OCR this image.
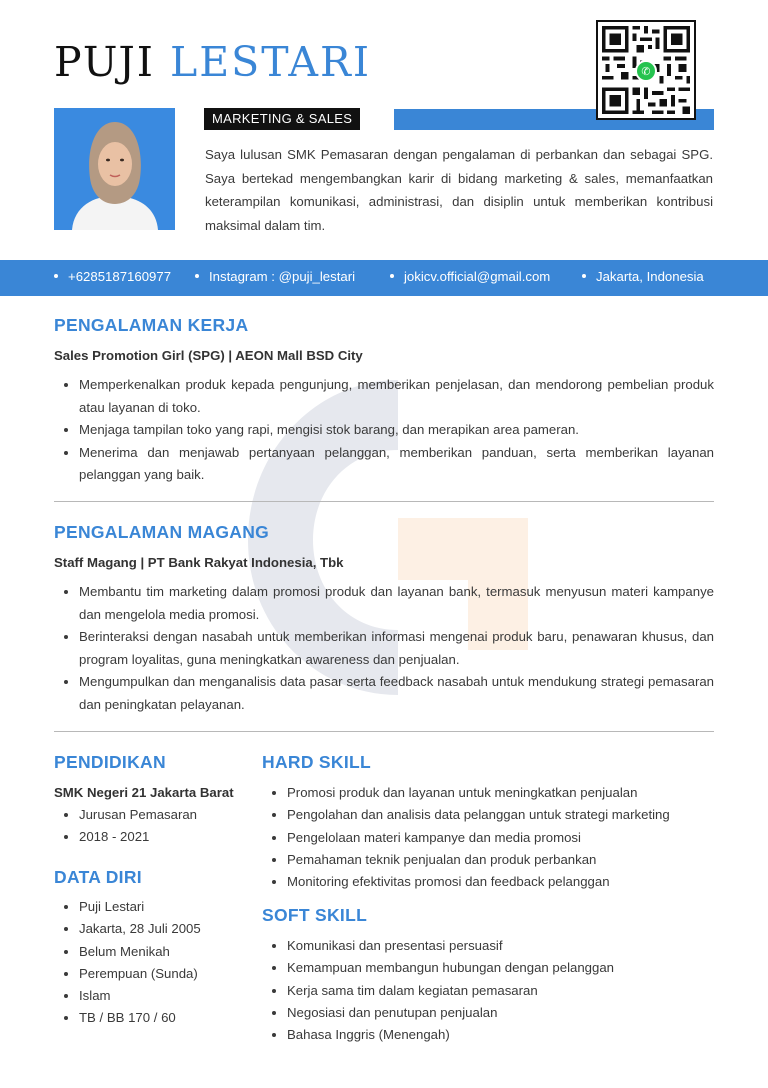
PUJI LESTARI	✆
MARKETING & SALES

Saya lulusan SMK Pemasaran dengan pengalaman di perbankan dan sebagai SPG. Saya bertekad mengembangkan karir di bidang marketing & sales, memanfaatkan keterampilan komunikasi, administrasi, dan disiplin untuk memberikan kontribusi maksimal dalam tim.

+6285187160977	Instagram : @puji_lestari	jokicv.official@gmail.com	Jakarta, Indonesia
PENGALAMAN KERJA
Sales Promotion Girl (SPG) | AEON Mall BSD City
Memperkenalkan produk kepada pengunjung, memberikan penjelasan, dan mendorong pembelian produk atau layanan di toko.
Menjaga tampilan toko yang rapi, mengisi stok barang, dan merapikan area pameran.
Menerima dan menjawab pertanyaan pelanggan, memberikan panduan, serta memberikan layanan pelanggan yang baik.
PENGALAMAN MAGANG
Staff Magang | PT Bank Rakyat Indonesia, Tbk
Membantu tim marketing dalam promosi produk dan layanan bank, termasuk menyusun materi kampanye dan mengelola media promosi.
Berinteraksi dengan nasabah untuk memberikan informasi mengenai produk baru, penawaran khusus, dan program loyalitas, guna meningkatkan awareness dan penjualan.
Mengumpulkan dan menganalisis data pasar serta feedback nasabah untuk mendukung strategi pemasaran dan peningkatan pelayanan.
PENDIDIKAN
SMK Negeri 21 Jakarta Barat
Jurusan Pemasaran
2018 - 2021
DATA DIRI
Puji Lestari
Jakarta, 28 Juli 2005
Belum Menikah
Perempuan (Sunda)
Islam
TB / BB 170 / 60
HARD SKILL
Promosi produk dan layanan untuk meningkatkan penjualan
Pengolahan dan analisis data pelanggan untuk strategi marketing
Pengelolaan materi kampanye dan media promosi
Pemahaman teknik penjualan dan produk perbankan
Monitoring efektivitas promosi dan feedback pelanggan
SOFT SKILL
Komunikasi dan presentasi persuasif
Kemampuan membangun hubungan dengan pelanggan
Kerja sama tim dalam kegiatan pemasaran
Negosiasi dan penutupan penjualan
Bahasa Inggris (Menengah)
